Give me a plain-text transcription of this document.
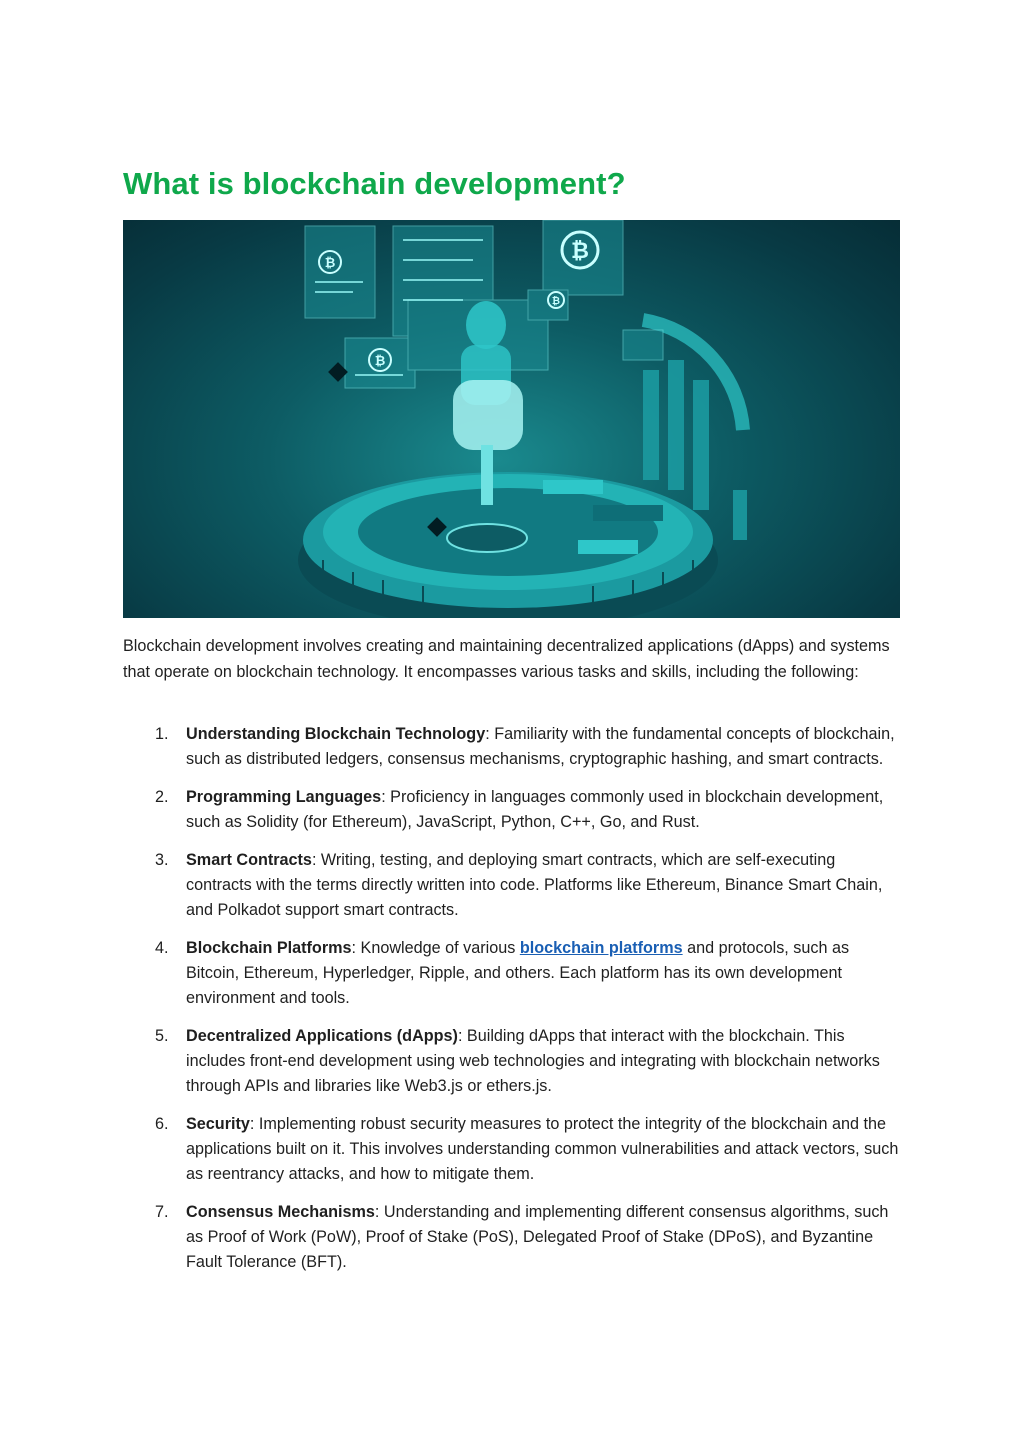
What is blockchain development?
₿	₿
₿
₿

Blockchain development involves creating and maintaining decentralized applications (dApps) and systems that operate on blockchain technology. It encompasses various tasks and skills, including the following:

1. Understanding Blockchain Technology: Familiarity with the fundamental concepts of blockchain, such as distributed ledgers, consensus mechanisms, cryptographic hashing, and smart contracts.
2. Programming Languages: Proficiency in languages commonly used in blockchain development, such as Solidity (for Ethereum), JavaScript, Python, C++, Go, and Rust.
3. Smart Contracts: Writing, testing, and deploying smart contracts, which are self-executing contracts with the terms directly written into code. Platforms like Ethereum, Binance Smart Chain, and Polkadot support smart contracts.
4. Blockchain Platforms: Knowledge of various blockchain platforms and protocols, such as Bitcoin, Ethereum, Hyperledger, Ripple, and others. Each platform has its own development environment and tools.
5. Decentralized Applications (dApps): Building dApps that interact with the blockchain. This includes front-end development using web technologies and integrating with blockchain networks through APIs and libraries like Web3.js or ethers.js.
6. Security: Implementing robust security measures to protect the integrity of the blockchain and the applications built on it. This involves understanding common vulnerabilities and attack vectors, such as reentrancy attacks, and how to mitigate them.
7. Consensus Mechanisms: Understanding and implementing different consensus algorithms, such as Proof of Work (PoW), Proof of Stake (PoS), Delegated Proof of Stake (DPoS), and Byzantine Fault Tolerance (BFT).
